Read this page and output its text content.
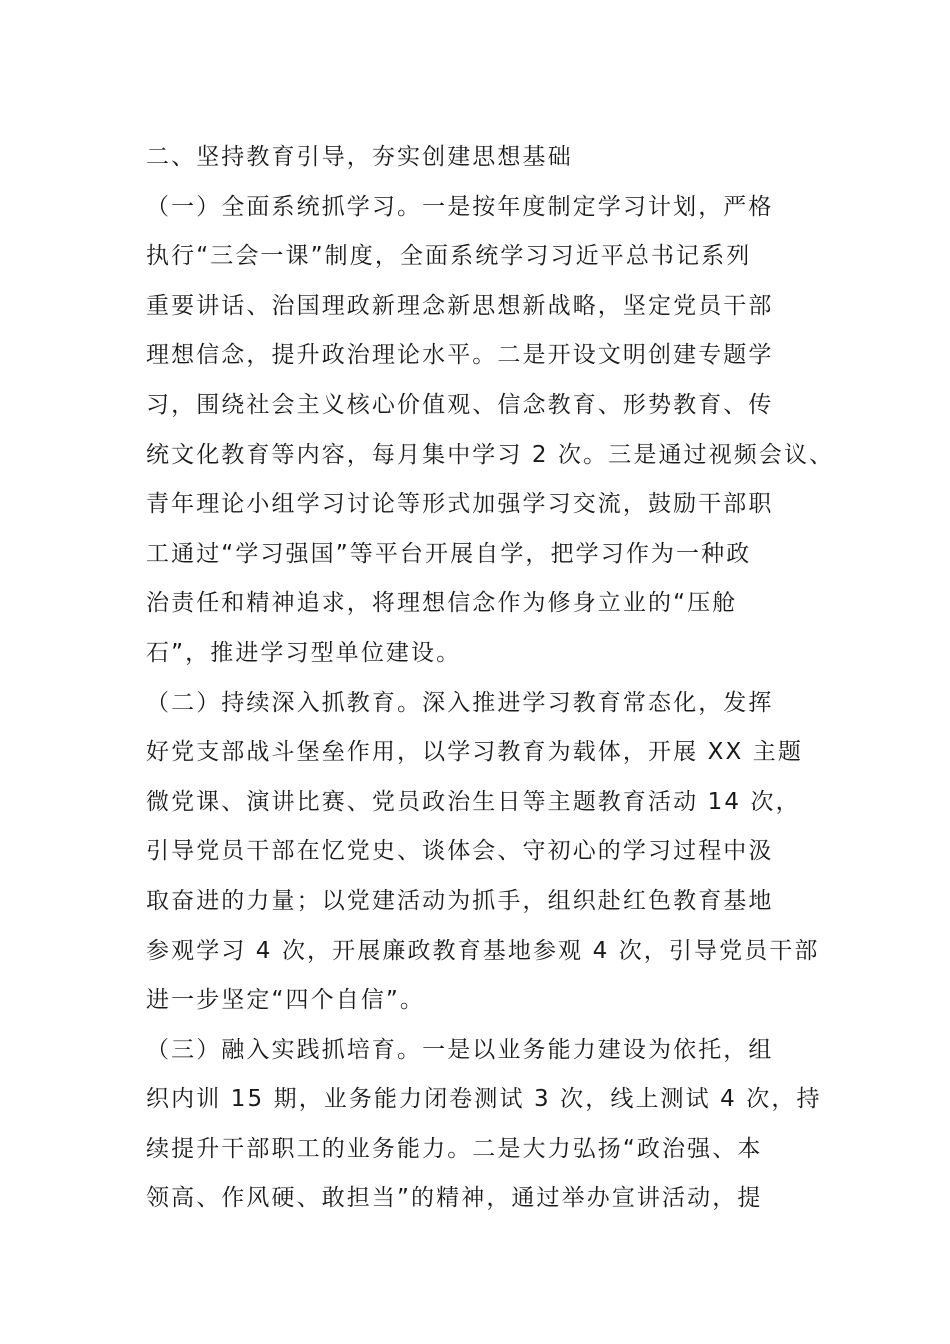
二、坚持教育引导，夯实创建思想基础
（一）全面系统抓学习。一是按年度制定学习计划，严格
执行“三会一课”制度，全面系统学习习近平总书记系列
重要讲话、治国理政新理念新思想新战略，坚定党员干部
理想信念，提升政治理论水平。二是开设文明创建专题学
习，围绕社会主义核心价值观、信念教育、形势教育、传
统文化教育等内容，每月集中学习 2 次。三是通过视频会议、
青年理论小组学习讨论等形式加强学习交流，鼓励干部职
工通过“学习强国”等平台开展自学，把学习作为一种政
治责任和精神追求，将理想信念作为修身立业的“压舱
石”，推进学习型单位建设。
（二）持续深入抓教育。深入推进学习教育常态化，发挥
好党支部战斗堡垒作用，以学习教育为载体，开展 XX 主题
微党课、演讲比赛、党员政治生日等主题教育活动 14 次，
引导党员干部在忆党史、谈体会、守初心的学习过程中汲
取奋进的力量；以党建活动为抓手，组织赴红色教育基地
参观学习 4 次，开展廉政教育基地参观 4 次，引导党员干部
进一步坚定“四个自信”。
（三）融入实践抓培育。一是以业务能力建设为依托，组
织内训 15 期，业务能力闭卷测试 3 次，线上测试 4 次，持
续提升干部职工的业务能力。二是大力弘扬“政治强、本
领高、作风硬、敢担当”的精神，通过举办宣讲活动，提
